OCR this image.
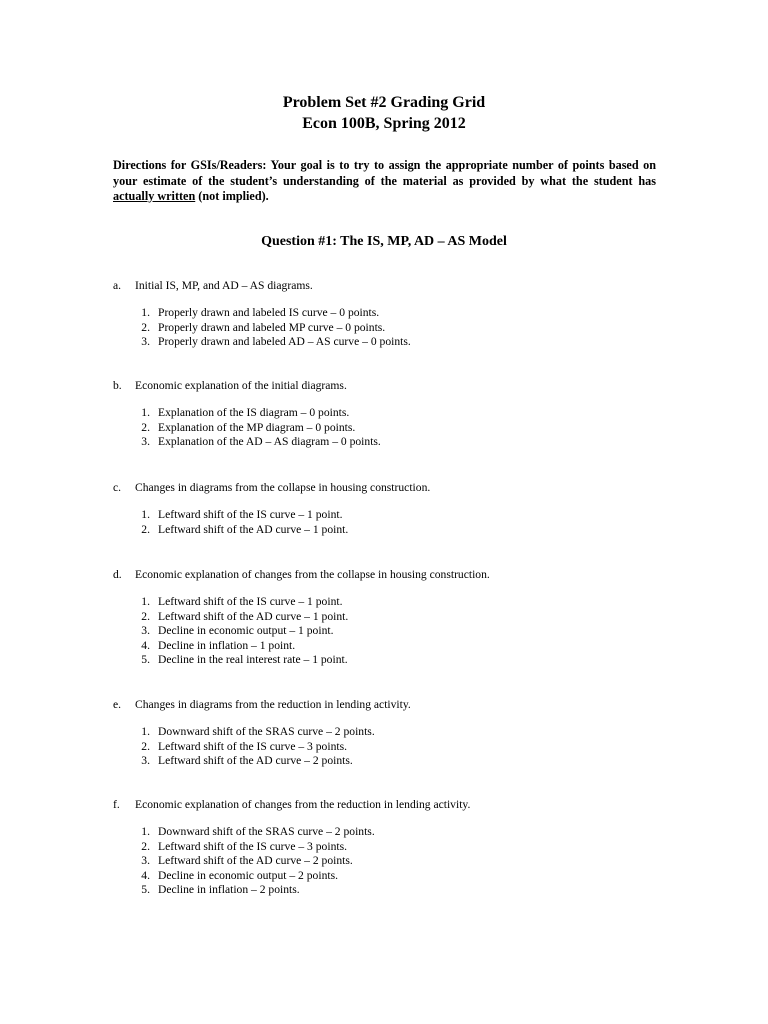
Problem Set #2 Grading Grid
Econ 100B, Spring 2012

Directions for GSIs/Readers: Your goal is to try to assign the appropriate number of points based on your estimate of the student’s understanding of the material as provided by what the student has actually written (not implied).

Question #1: The IS, MP, AD – AS Model
a. Initial IS, MP, and AD – AS diagrams.
1. Properly drawn and labeled IS curve – 0 points.
2. Properly drawn and labeled MP curve – 0 points.
3. Properly drawn and labeled AD – AS curve – 0 points.
b. Economic explanation of the initial diagrams.
1. Explanation of the IS diagram – 0 points.
2. Explanation of the MP diagram – 0 points.
3. Explanation of the AD – AS diagram – 0 points.
c. Changes in diagrams from the collapse in housing construction.
1. Leftward shift of the IS curve – 1 point.
2. Leftward shift of the AD curve – 1 point.
d. Economic explanation of changes from the collapse in housing construction.
1. Leftward shift of the IS curve – 1 point.
2. Leftward shift of the AD curve – 1 point.
3. Decline in economic output – 1 point.
4. Decline in inflation – 1 point.
5. Decline in the real interest rate – 1 point.
e. Changes in diagrams from the reduction in lending activity.
1. Downward shift of the SRAS curve – 2 points.
2. Leftward shift of the IS curve – 3 points.
3. Leftward shift of the AD curve – 2 points.
f. Economic explanation of changes from the reduction in lending activity.
1. Downward shift of the SRAS curve – 2 points.
2. Leftward shift of the IS curve – 3 points.
3. Leftward shift of the AD curve – 2 points.
4. Decline in economic output – 2 points.
5. Decline in inflation – 2 points.
